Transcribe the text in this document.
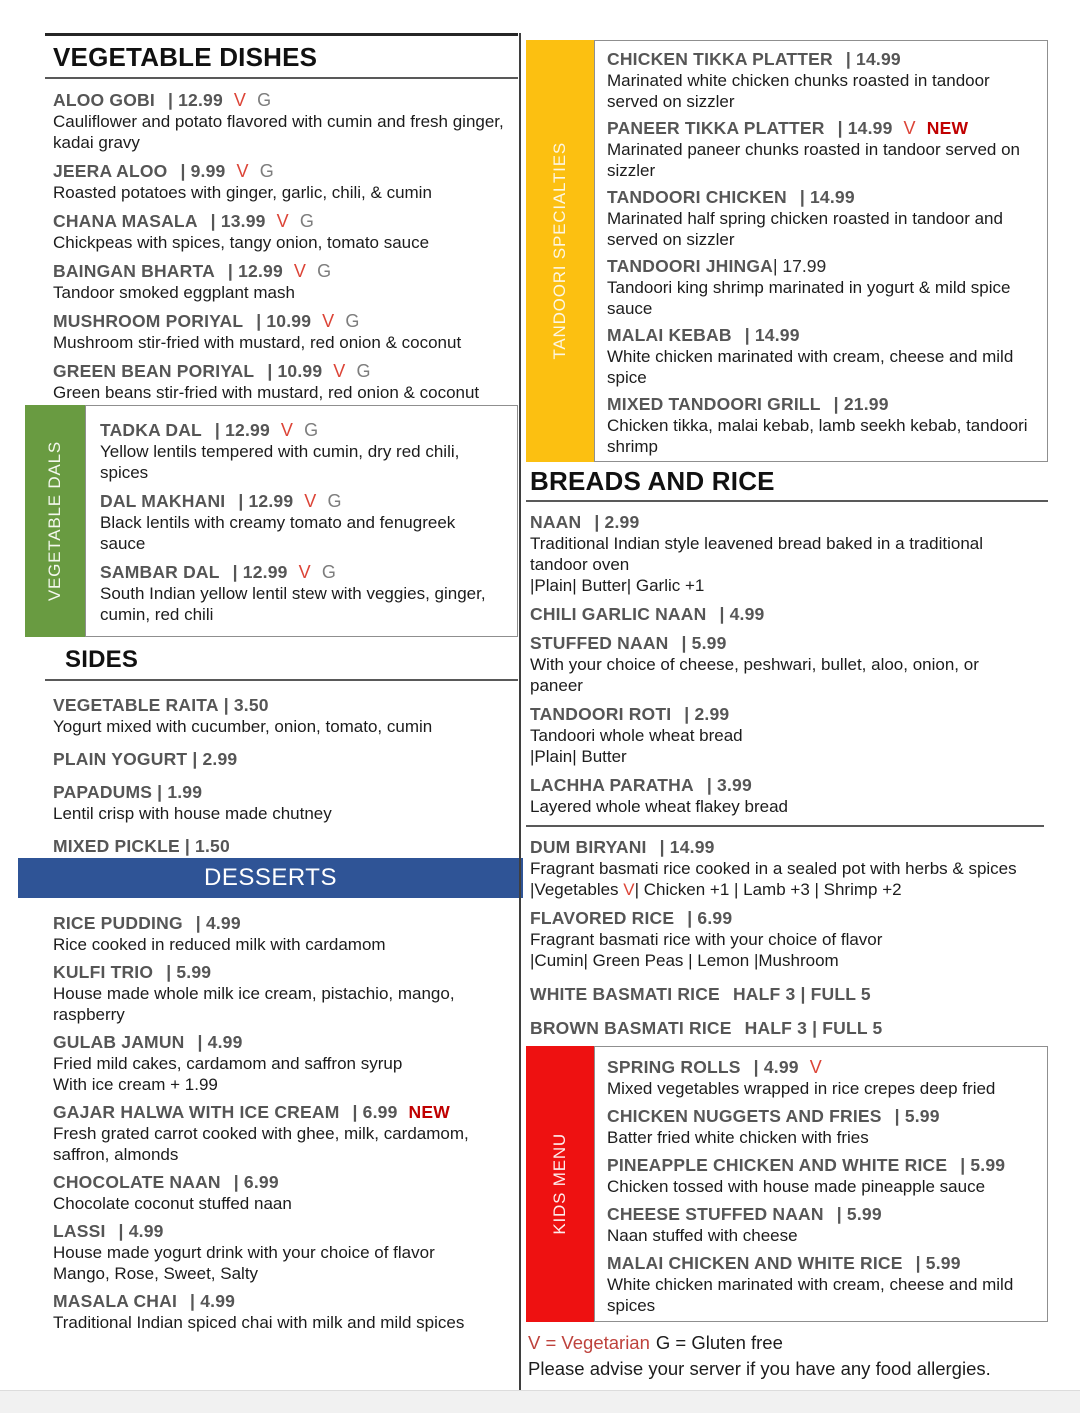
VEGETABLE DISHES
ALOO GOBI | 12.99 V G
Cauliflower and potato flavored with cumin and fresh ginger, kadai gravy
JEERA ALOO | 9.99 V G
Roasted potatoes with ginger, garlic, chili, & cumin
CHANA MASALA | 13.99 V G
Chickpeas with spices, tangy onion, tomato sauce
BAINGAN BHARTA | 12.99 V G
Tandoor smoked eggplant mash
MUSHROOM PORIYAL | 10.99 V G
Mushroom stir-fried with mustard, red onion & coconut
GREEN BEAN PORIYAL | 10.99 V G
Green beans stir-fried with mustard, red onion & coconut
VEGETABLE DALS
TADKA DAL | 12.99 V G
Yellow lentils tempered with cumin, dry red chili, spices
DAL MAKHANI | 12.99 V G
Black lentils with creamy tomato and fenugreek sauce
SAMBAR DAL | 12.99 V G
South Indian yellow lentil stew with veggies, ginger, cumin, red chili
SIDES
VEGETABLE RAITA | 3.50
Yogurt mixed with cucumber, onion, tomato, cumin
PLAIN YOGURT | 2.99
PAPADUMS | 1.99
Lentil crisp with house made chutney
MIXED PICKLE | 1.50
DESSERTS
RICE PUDDING | 4.99
Rice cooked in reduced milk with cardamom
KULFI TRIO | 5.99
House made whole milk ice cream, pistachio, mango, raspberry
GULAB JAMUN | 4.99
Fried mild cakes, cardamom and saffron syrup
With ice cream + 1.99
GAJAR HALWA WITH ICE CREAM | 6.99 NEW
Fresh grated carrot cooked with ghee, milk, cardamom, saffron, almonds
CHOCOLATE NAAN | 6.99
Chocolate coconut stuffed naan
LASSI | 4.99
House made yogurt drink with your choice of flavor
Mango, Rose, Sweet, Salty
MASALA CHAI | 4.99
Traditional Indian spiced chai with milk and mild spices
TANDOORI SPECIALTIES
CHICKEN TIKKA PLATTER | 14.99
Marinated white chicken chunks roasted in tandoor served on sizzler
PANEER TIKKA PLATTER | 14.99 V NEW
Marinated paneer chunks roasted in tandoor served on sizzler
TANDOORI CHICKEN | 14.99
Marinated half spring chicken roasted in tandoor and served on sizzler
TANDOORI JHINGA| 17.99
Tandoori king shrimp marinated in yogurt & mild spice sauce
MALAI KEBAB | 14.99
White chicken marinated with cream, cheese and mild spice
MIXED TANDOORI GRILL | 21.99
Chicken tikka, malai kebab, lamb seekh kebab, tandoori shrimp
BREADS AND RICE
NAAN | 2.99
Traditional Indian style leavened bread baked in a traditional tandoor oven
|Plain| Butter| Garlic +1
CHILI GARLIC NAAN | 4.99
STUFFED NAAN | 5.99
With your choice of cheese, peshwari, bullet, aloo, onion, or paneer
TANDOORI ROTI | 2.99
Tandoori whole wheat bread
|Plain| Butter
LACHHA PARATHA | 3.99
Layered whole wheat flakey bread
DUM BIRYANI | 14.99
Fragrant basmati rice cooked in a sealed pot with herbs & spices
|Vegetables V| Chicken +1 | Lamb +3 | Shrimp +2
FLAVORED RICE | 6.99
Fragrant basmati rice with your choice of flavor
|Cumin| Green Peas | Lemon |Mushroom
WHITE BASMATI RICE HALF 3 | FULL 5
BROWN BASMATI RICE HALF 3 | FULL 5
KIDS MENU
SPRING ROLLS | 4.99 V
Mixed vegetables wrapped in rice crepes deep fried
CHICKEN NUGGETS AND FRIES | 5.99
Batter fried white chicken with fries
PINEAPPLE CHICKEN AND WHITE RICE | 5.99
Chicken tossed with house made pineapple sauce
CHEESE STUFFED NAAN | 5.99
Naan stuffed with cheese
MALAI CHICKEN AND WHITE RICE | 5.99
White chicken marinated with cream, cheese and mild spices
V = Vegetarian G = Gluten free
Please advise your server if you have any food allergies.
